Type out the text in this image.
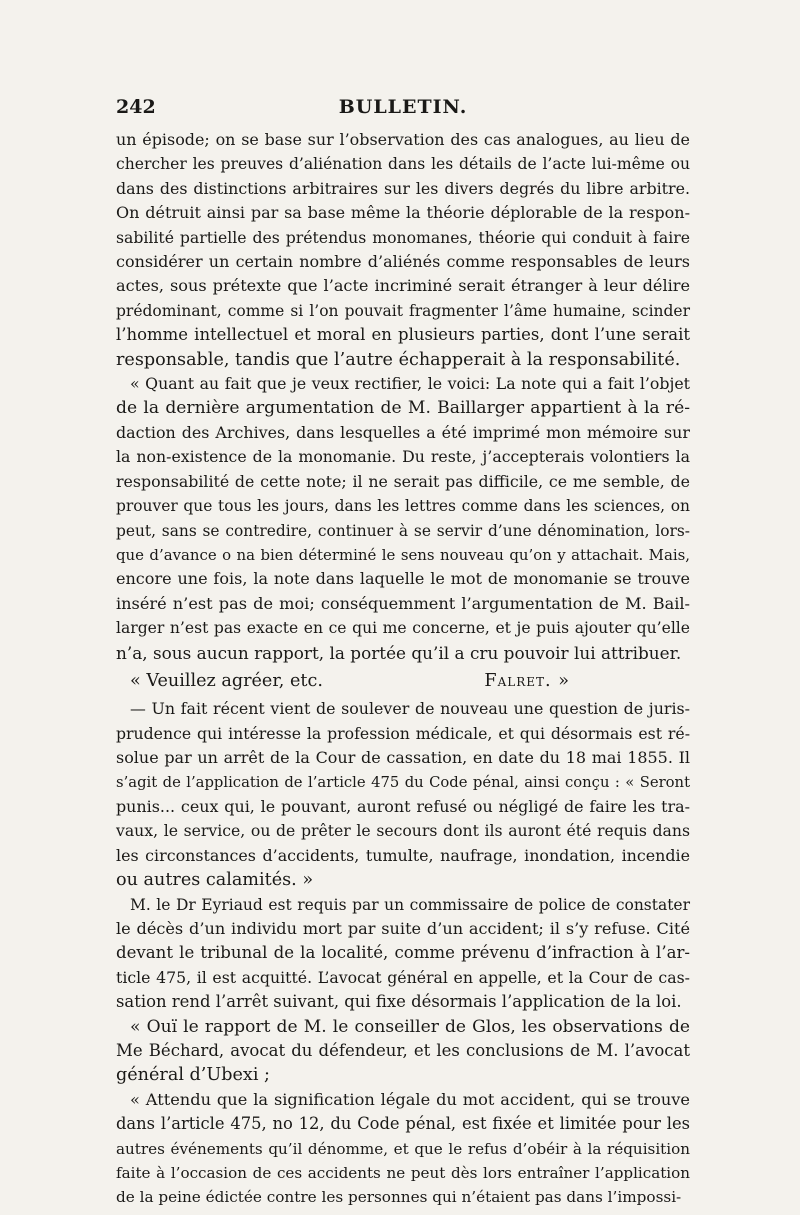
242	BULLETIN.
un épisode; on se base sur l’observation des cas analogues, au lieu de
chercher les preuves d’aliénation dans les détails de l’acte lui-même ou
dans des distinctions arbitraires sur les divers degrés du libre arbitre.
On détruit ainsi par sa base même la théorie déplorable de la respon-
sabilité partielle des prétendus monomanes, théorie qui conduit à faire
considérer un certain nombre d’aliénés comme responsables de leurs
actes, sous prétexte que l’acte incriminé serait étranger à leur délire
prédominant, comme si l’on pouvait fragmenter l’âme humaine, scinder
l’homme intellectuel et moral en plusieurs parties, dont l’une serait
responsable, tandis que l’autre échapperait à la responsabilité.
« Quant au fait que je veux rectifier, le voici: La note qui a fait l’objet
de la dernière argumentation de M. Baillarger appartient à la ré-
daction des Archives, dans lesquelles a été imprimé mon mémoire sur
la non-existence de la monomanie. Du reste, j’accepterais volontiers la
responsabilité de cette note; il ne serait pas difficile, ce me semble, de
prouver que tous les jours, dans les lettres comme dans les sciences, on
peut, sans se contredire, continuer à se servir d’une dénomination, lors-
que d’avance o na bien déterminé le sens nouveau qu’on y attachait. Mais,
encore une fois, la note dans laquelle le mot de monomanie se trouve
inséré n’est pas de moi; conséquemment l’argumentation de M. Bail-
larger n’est pas exacte en ce qui me concerne, et je puis ajouter qu’elle
n’a, sous aucun rapport, la portée qu’il a cru pouvoir lui attribuer.
« Veuillez agréer, etc.	Falret. »
— Un fait récent vient de soulever de nouveau une question de juris-
prudence qui intéresse la profession médicale, et qui désormais est ré-
solue par un arrêt de la Cour de cassation, en date du 18 mai 1855. Il
s’agit de l’application de l’article 475 du Code pénal, ainsi conçu : « Seront
punis... ceux qui, le pouvant, auront refusé ou négligé de faire les tra-
vaux, le service, ou de prêter le secours dont ils auront été requis dans
les circonstances d’accidents, tumulte, naufrage, inondation, incendie
ou autres calamités. »
M. le Dr Eyriaud est requis par un commissaire de police de constater
le décès d’un individu mort par suite d’un accident; il s’y refuse. Cité
devant le tribunal de la localité, comme prévenu d’infraction à l’ar-
ticle 475, il est acquitté. L’avocat général en appelle, et la Cour de cas-
sation rend l’arrêt suivant, qui fixe désormais l’application de la loi.
« Ouï le rapport de M. le conseiller de Glos, les observations de
Me Béchard, avocat du défendeur, et les conclusions de M. l’avocat
général d’Ubexi ;
« Attendu que la signification légale du mot accident, qui se trouve
dans l’article 475, no 12, du Code pénal, est fixée et limitée pour les
autres événements qu’il dénomme, et que le refus d’obéir à la réquisition
faite à l’occasion de ces accidents ne peut dès lors entraîner l’application
de la peine édictée contre les personnes qui n’étaient pas dans l’impossi-
